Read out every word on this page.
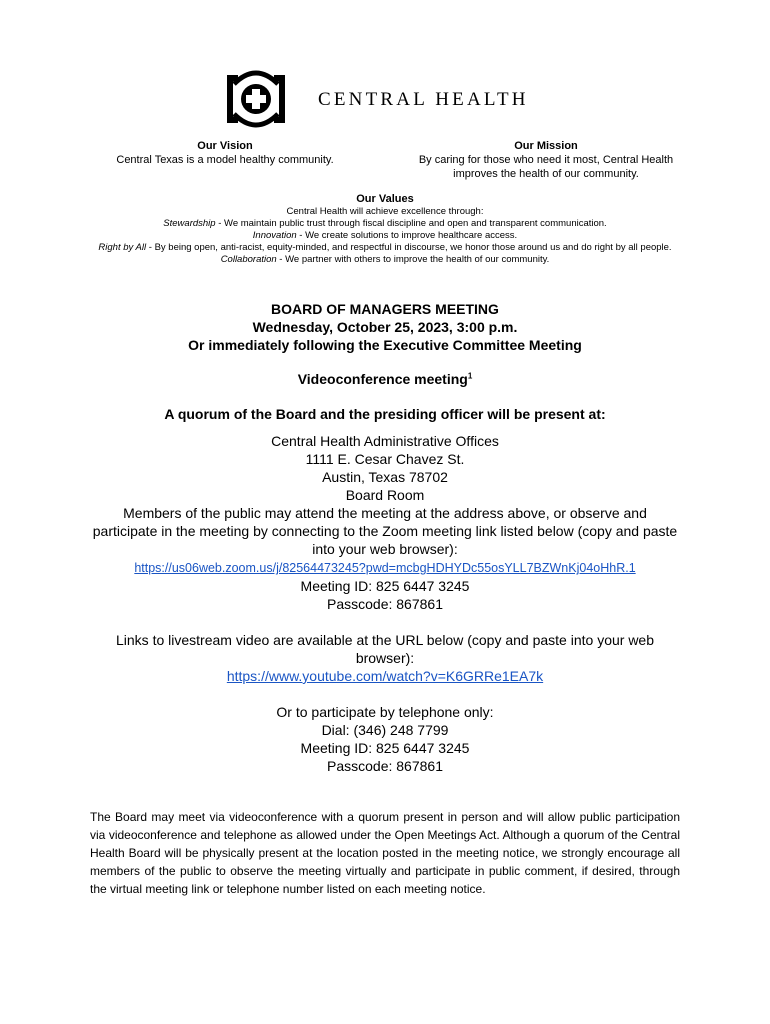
CENTRAL HEALTH
Our Vision
Central Texas is a model healthy community.
Our Mission
By caring for those who need it most, Central Health improves the health of our community.
Our Values
Central Health will achieve excellence through:
Stewardship - We maintain public trust through fiscal discipline and open and transparent communication.
Innovation - We create solutions to improve healthcare access.
Right by All - By being open, anti-racist, equity-minded, and respectful in discourse, we honor those around us and do right by all people.
Collaboration - We partner with others to improve the health of our community.
BOARD OF MANAGERS MEETING
Wednesday, October 25, 2023, 3:00 p.m.
Or immediately following the Executive Committee Meeting
Videoconference meeting$^1$
A quorum of the Board and the presiding officer will be present at:
Central Health Administrative Offices
1111 E. Cesar Chavez St.
Austin, Texas 78702
Board Room
Members of the public may attend the meeting at the address above, or observe and participate in the meeting by connecting to the Zoom meeting link listed below (copy and paste into your web browser):
https://us06web.zoom.us/j/82564473245?pwd=mcbgHDHYDc55osYLL7BZWnKj04oHhR.1
Meeting ID: 825 6447 3245
Passcode: 867861
Links to livestream video are available at the URL below (copy and paste into your web browser):
https://www.youtube.com/watch?v=K6GRRe1EA7k
Or to participate by telephone only:
Dial: (346) 248 7799
Meeting ID: 825 6447 3245
Passcode: 867861
The Board may meet via videoconference with a quorum present in person and will allow public participation via videoconference and telephone as allowed under the Open Meetings Act. Although a quorum of the Central Health Board will be physically present at the location posted in the meeting notice, we strongly encourage all members of the public to observe the meeting virtually and participate in public comment, if desired, through the virtual meeting link or telephone number listed on each meeting notice.
